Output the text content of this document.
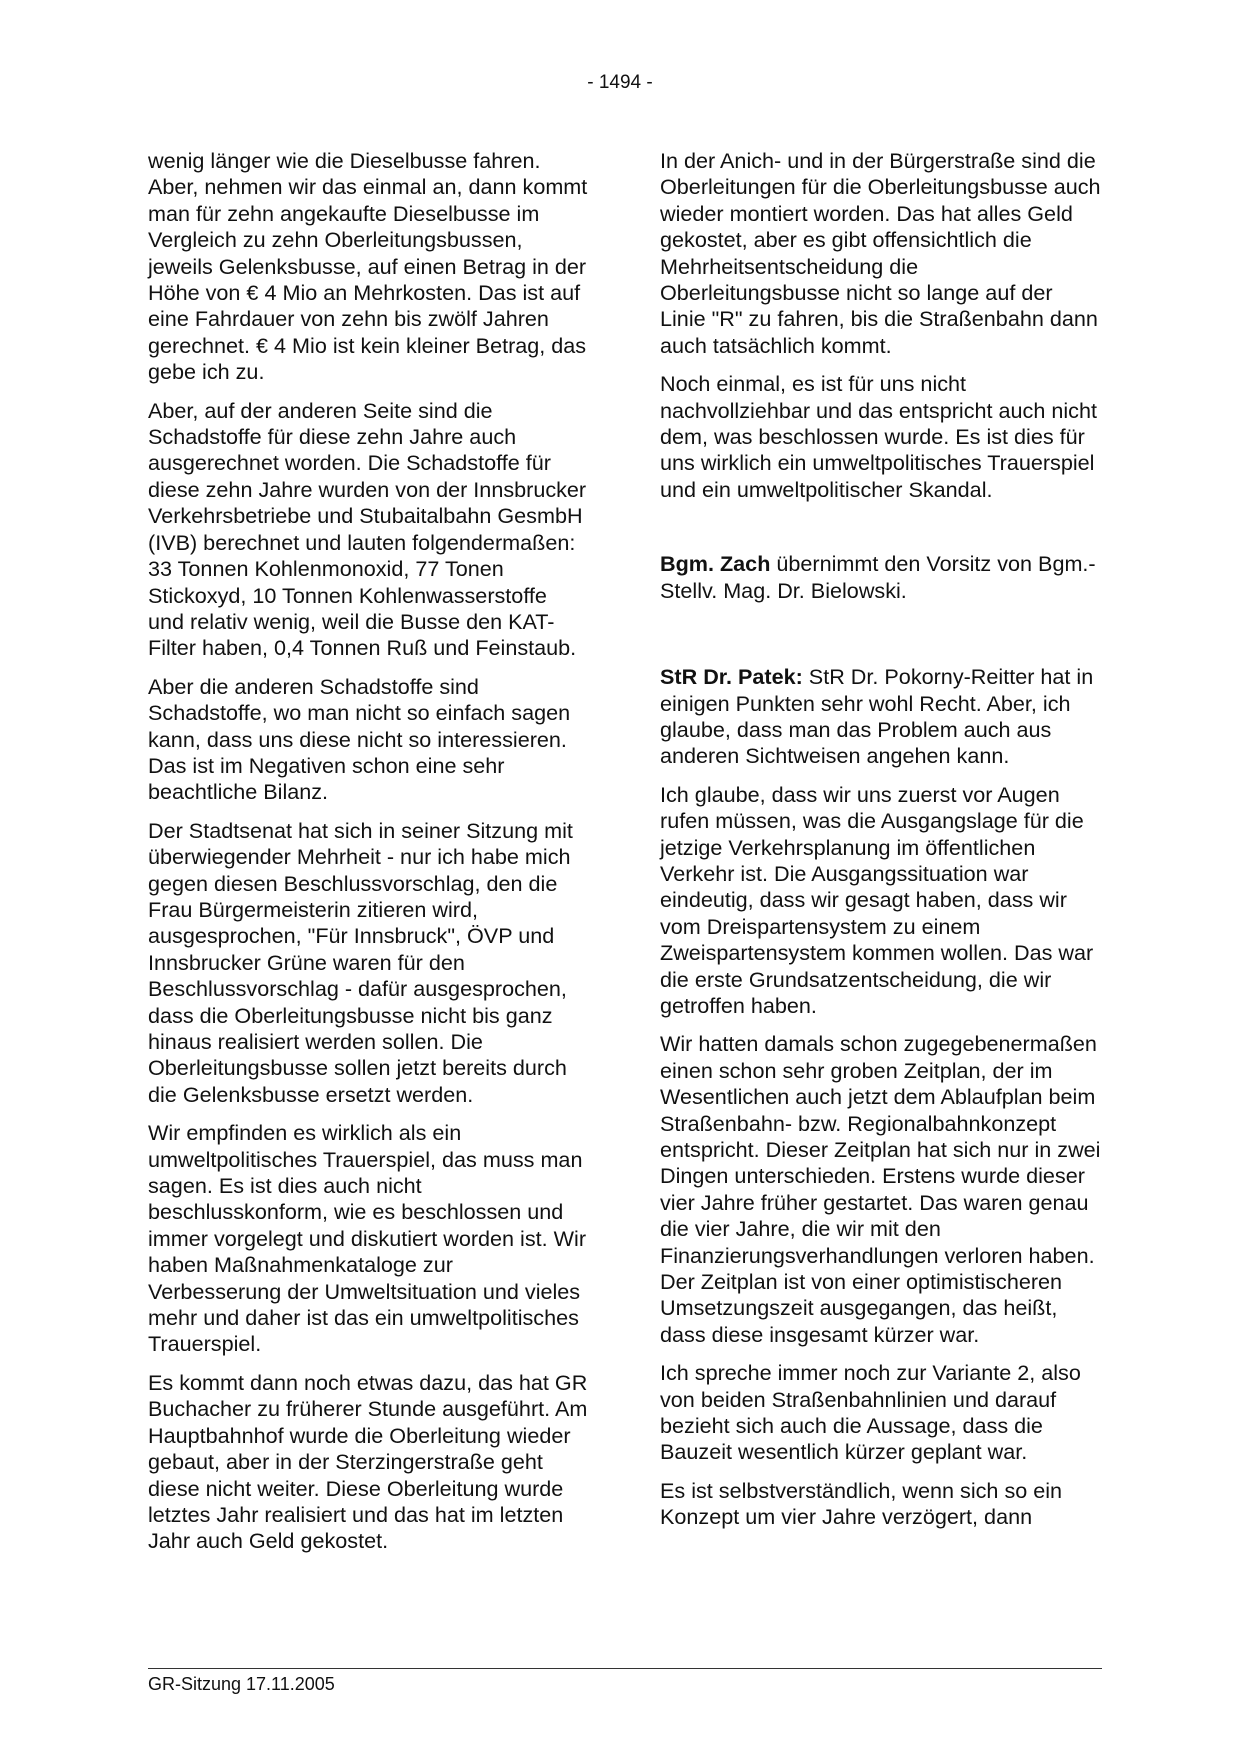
- 1494 -

wenig länger wie die Dieselbusse fahren. Aber, nehmen wir das einmal an, dann kommt man für zehn angekaufte Dieselbusse im Vergleich zu zehn Oberleitungsbussen, jeweils Gelenksbusse, auf einen Betrag in der Höhe von € 4 Mio an Mehrkosten. Das ist auf eine Fahrdauer von zehn bis zwölf Jahren gerechnet. € 4 Mio ist kein kleiner Betrag, das gebe ich zu.

Aber, auf der anderen Seite sind die Schadstoffe für diese zehn Jahre auch ausgerechnet worden. Die Schadstoffe für diese zehn Jahre wurden von der Innsbrucker Verkehrsbetriebe und Stubaitalbahn GesmbH (IVB) berechnet und lauten folgendermaßen: 33 Tonnen Kohlenmonoxid, 77 Tonen Stickoxyd, 10 Tonnen Kohlenwasserstoffe und relativ wenig, weil die Busse den KAT-Filter haben, 0,4 Tonnen Ruß und Feinstaub.

Aber die anderen Schadstoffe sind Schadstoffe, wo man nicht so einfach sagen kann, dass uns diese nicht so interessieren. Das ist im Negativen schon eine sehr beachtliche Bilanz.

Der Stadtsenat hat sich in seiner Sitzung mit überwiegender Mehrheit - nur ich habe mich gegen diesen Beschlussvorschlag, den die Frau Bürgermeisterin zitieren wird, ausgesprochen, "Für Innsbruck", ÖVP und Innsbrucker Grüne waren für den Beschlussvorschlag - dafür ausgesprochen, dass die Oberleitungsbusse nicht bis ganz hinaus realisiert werden sollen. Die Oberleitungsbusse sollen jetzt bereits durch die Gelenksbusse ersetzt werden.

Wir empfinden es wirklich als ein umweltpolitisches Trauerspiel, das muss man sagen. Es ist dies auch nicht beschlusskonform, wie es beschlossen und immer vorgelegt und diskutiert worden ist. Wir haben Maßnahmenkataloge zur Verbesserung der Umweltsituation und vieles mehr und daher ist das ein umweltpolitisches Trauerspiel.

Es kommt dann noch etwas dazu, das hat GR Buchacher zu früherer Stunde ausgeführt. Am Hauptbahnhof wurde die Oberleitung wieder gebaut, aber in der Sterzingerstraße geht diese nicht weiter. Diese Oberleitung wurde letztes Jahr realisiert und das hat im letzten Jahr auch Geld gekostet.

In der Anich- und in der Bürgerstraße sind die Oberleitungen für die Oberleitungsbusse auch wieder montiert worden. Das hat alles Geld gekostet, aber es gibt offensichtlich die Mehrheitsentscheidung die Oberleitungsbusse nicht so lange auf der Linie "R" zu fahren, bis die Straßenbahn dann auch tatsächlich kommt.

Noch einmal, es ist für uns nicht nachvollziehbar und das entspricht auch nicht dem, was beschlossen wurde. Es ist dies für uns wirklich ein umweltpolitisches Trauerspiel und ein umweltpolitischer Skandal.

Bgm. Zach übernimmt den Vorsitz von Bgm.-Stellv. Mag. Dr. Bielowski.

StR Dr. Patek: StR Dr. Pokorny-Reitter hat in einigen Punkten sehr wohl Recht. Aber, ich glaube, dass man das Problem auch aus anderen Sichtweisen angehen kann.

Ich glaube, dass wir uns zuerst vor Augen rufen müssen, was die Ausgangslage für die jetzige Verkehrsplanung im öffentlichen Verkehr ist. Die Ausgangssituation war eindeutig, dass wir gesagt haben, dass wir vom Dreispartensystem zu einem Zweispartensystem kommen wollen. Das war die erste Grundsatzentscheidung, die wir getroffen haben.

Wir hatten damals schon zugegebenermaßen einen schon sehr groben Zeitplan, der im Wesentlichen auch jetzt dem Ablaufplan beim Straßenbahn- bzw. Regionalbahnkonzept entspricht. Dieser Zeitplan hat sich nur in zwei Dingen unterschieden. Erstens wurde dieser vier Jahre früher gestartet. Das waren genau die vier Jahre, die wir mit den Finanzierungsverhandlungen verloren haben. Der Zeitplan ist von einer optimistischeren Umsetzungszeit ausgegangen, das heißt, dass diese insgesamt kürzer war.

Ich spreche immer noch zur Variante 2, also von beiden Straßenbahnlinien und darauf bezieht sich auch die Aussage, dass die Bauzeit wesentlich kürzer geplant war.

Es ist selbstverständlich, wenn sich so ein Konzept um vier Jahre verzögert, dann

GR-Sitzung 17.11.2005
